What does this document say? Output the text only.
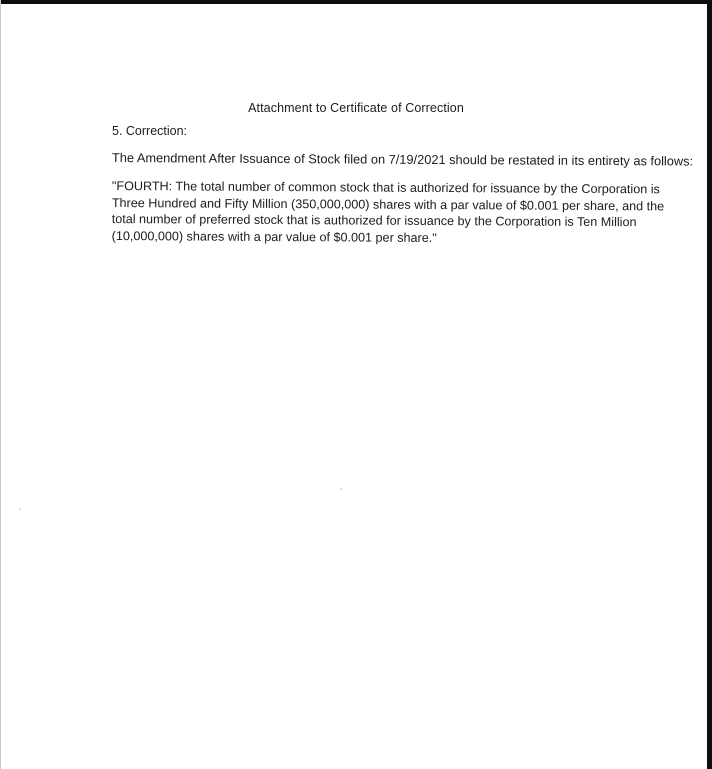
Attachment to Certificate of Correction
5. Correction:
The Amendment After Issuance of Stock filed on 7/19/2021 should be restated in its entirety as follows:

"FOURTH: The total number of common stock that is authorized for issuance by the Corporation is Three Hundred and Fifty Million (350,000,000) shares with a par value of $0.001 per share, and the total number of preferred stock that is authorized for issuance by the Corporation is Ten Million (10,000,000) shares with a par value of $0.001 per share."
